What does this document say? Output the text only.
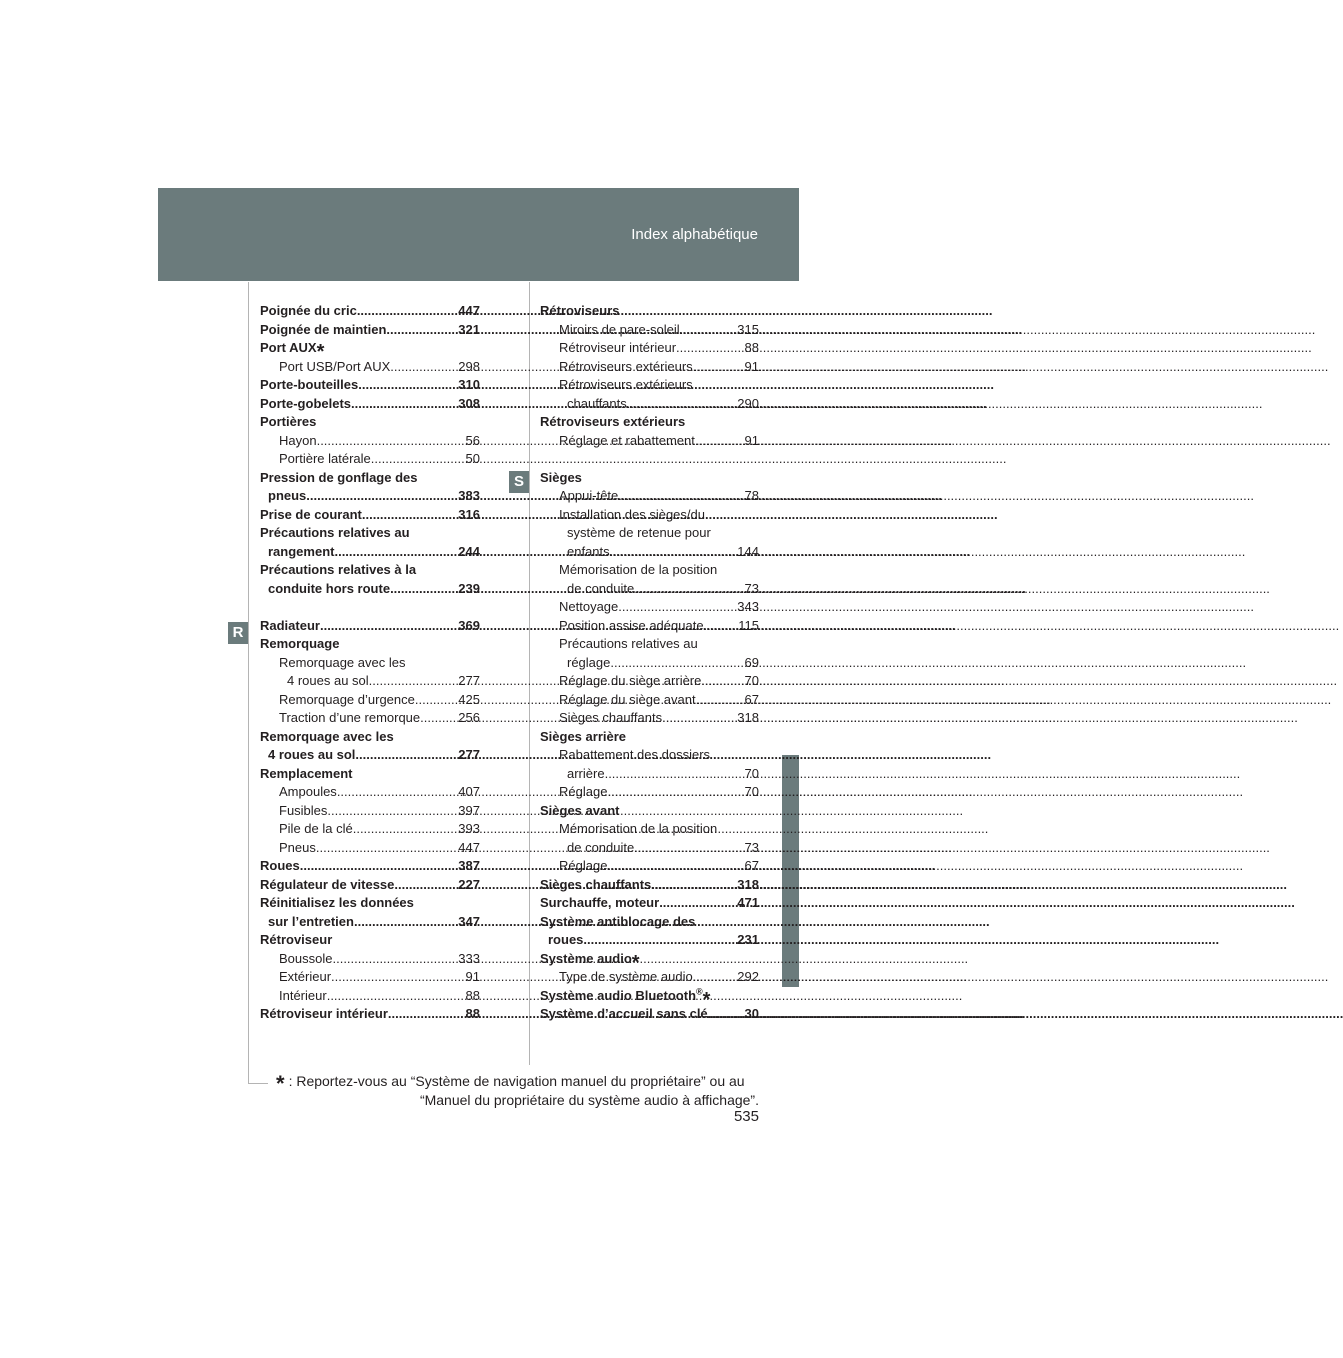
Index alphabétique
R
S
Poignée du cric .....	447
Poignée de maintien .....	321
Port AUX*
Port USB/Port AUX .....	298
Porte-bouteilles .....	310
Porte-gobelets .....	308
Portières
Hayon .....	56
Portière latérale .....	50
Pression de gonflage des
pneus .....	383
Prise de courant .....	316
Précautions relatives au
rangement .....	244
Précautions relatives à la
conduite hors route .....	239
Radiateur .....	369
Remorquage
Remorquage avec les
4 roues au sol .....	277
Remorquage d’urgence .....	425
Traction d’une remorque .....	256
Remorquage avec les
4 roues au sol .....	277
Remplacement
Ampoules .....	407
Fusibles .....	397
Pile de la clé .....	393
Pneus .....	447
Roues .....	387
Régulateur de vitesse .....	227
Réinitialisez les données
sur l’entretien .....	347
Rétroviseur
Boussole .....	333
Extérieur .....	91
Intérieur .....	88
Rétroviseur intérieur .....	88
Rétroviseurs
Miroirs de pare-soleil .....	315
Rétroviseur intérieur .....	88
Rétroviseurs extérieurs .....	91
Rétroviseurs extérieurs
chauffants .....	290
Rétroviseurs extérieurs
Réglage et rabattement .....	91
Sièges
Appui-tête .....	78
Installation des sièges/du
système de retenue pour
enfants .....	144
Mémorisation de la position
de conduite .....	73
Nettoyage .....	343
Position assise adéquate .....	115
Précautions relatives au
réglage .....	69
Réglage du siège arrière .....	70
Réglage du siège avant .....	67
Sièges chauffants .....	318
Sièges arrière
Rabattement des dossiers
arrière .....	70
Réglage .....	70
Sièges avant
Mémorisation de la position
de conduite .....	73
Réglage .....	67
Sièges chauffants .....	318
Surchauffe, moteur .....	471
Système antiblocage des
roues .....	231
Système audio*
Type de système audio .....	292
Système audio Bluetooth®*
Système d’accueil sans clé .....	30
* : Reportez-vous au “Système de navigation manuel du propriétaire” ou au
“Manuel du propriétaire du système audio à affichage”.
535
